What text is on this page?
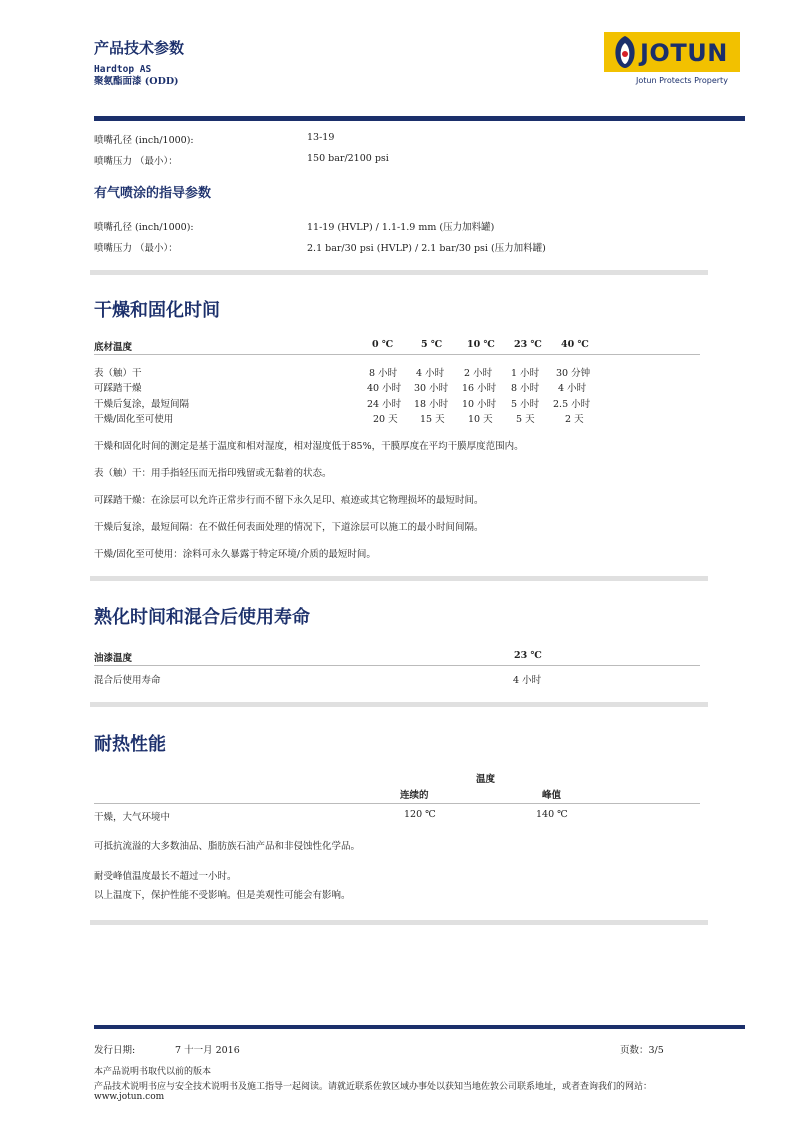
产品技术参数
Hardtop AS
聚氨酯面漆 (ODD)
JOTUN
Jotun Protects Property
喷嘴孔径 (inch/1000):	13-19
喷嘴压力 （最小）：	150 bar/2100 psi
有气喷涂的指导参数
喷嘴孔径 (inch/1000):	11-19 (HVLP) / 1.1-1.9 mm (压力加料罐)
喷嘴压力 （最小）：	2.1 bar/30 psi (HVLP) / 2.1 bar/30 psi (压力加料罐)
干燥和固化时间
底材温度	0 ℃	5 ℃	10 ℃ 23 ℃ 40 ℃
表（触）干	8 小时 4 小时 2 小时 1 小时 30 分钟
可踩踏干燥	40 小时 30 小时 16 小时 8 小时 4 小时
干燥后复涂，最短间隔	24 小时 18 小时 10 小时 5 小时 2.5 小时
干燥/固化至可使用	20 天 15 天 10 天 5 天	2 天
干燥和固化时间的测定是基于温度和相对湿度，相对湿度低于85%，干膜厚度在平均干膜厚度范围内。
表（触）干：用手指轻压而无指印残留或无黏着的状态。
可踩踏干燥：在涂层可以允许正常步行而不留下永久足印、痕迹或其它物理损坏的最短时间。
干燥后复涂，最短间隔：在不做任何表面处理的情况下，下道涂层可以施工的最小时间间隔。
干燥/固化至可使用：涂料可永久暴露于特定环境/介质的最短时间。
熟化时间和混合后使用寿命
油漆温度	23 ℃
混合后使用寿命	4 小时
耐热性能
温度
连续的	峰值
干燥，大气环境中	120 ℃	140 ℃
可抵抗流溢的大多数油品、脂肪族石油产品和非侵蚀性化学品。
耐受峰值温度最长不超过一小时。
以上温度下，保护性能不受影响。但是美观性可能会有影响。
发行日期:	7 十一月 2016	页数：3/5
本产品说明书取代以前的版本
产品技术说明书应与安全技术说明书及施工指导一起阅读。请就近联系佐敦区域办事处以获知当地佐敦公司联系地址，或者查询我们的网站：
www.jotun.com
